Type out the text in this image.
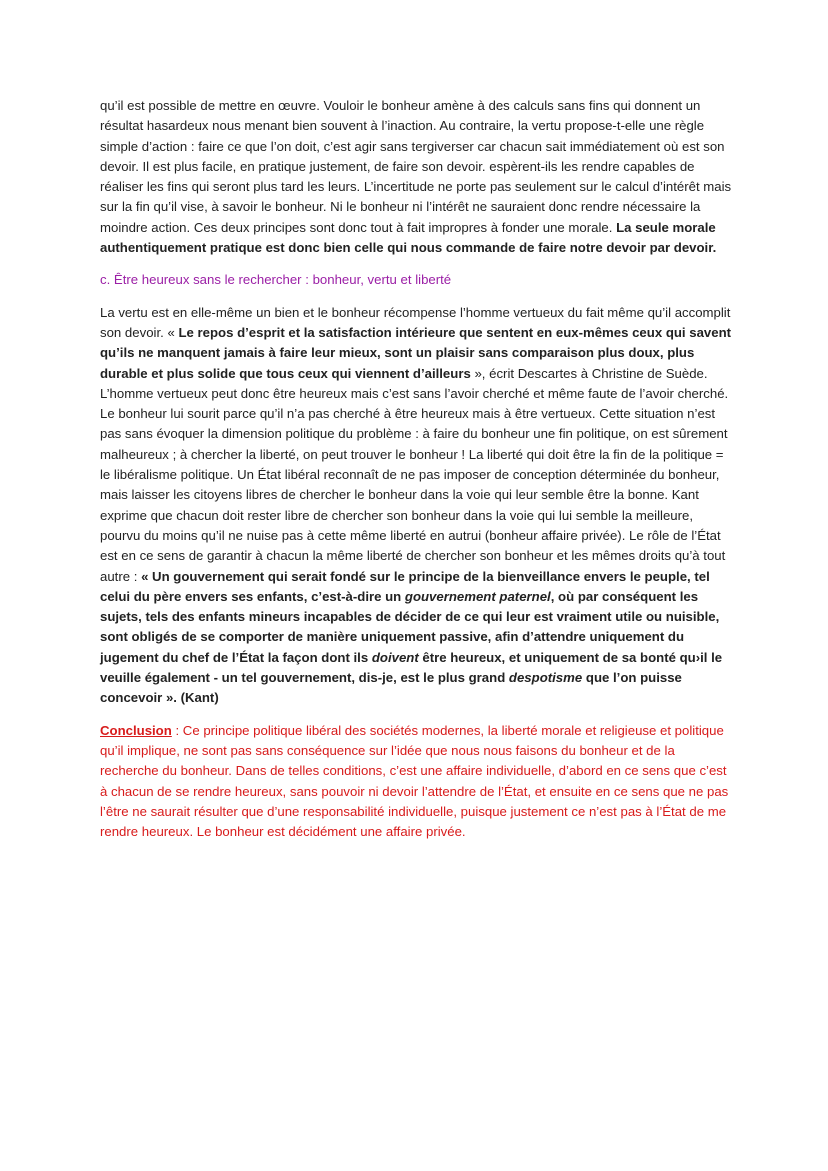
qu’il est possible de mettre en œuvre. Vouloir le bonheur amène à des calculs sans fins qui donnent un résultat hasardeux nous menant bien souvent à l’inaction. Au contraire, la vertu propose-t-elle une règle simple d’action : faire ce que l’on doit, c’est agir sans tergiverser car chacun sait immédiatement où est son devoir. Il est plus facile, en pratique justement, de faire son devoir. espèrent-ils les rendre capables de réaliser les fins qui seront plus tard les leurs. L’incertitude ne porte pas seulement sur le calcul d’intérêt mais sur la fin qu’il vise, à savoir le bonheur. Ni le bonheur ni l’intérêt ne sauraient donc rendre nécessaire la moindre action. Ces deux principes sont donc tout à fait impropres à fonder une morale. La seule morale authentiquement pratique est donc bien celle qui nous commande de faire notre devoir par devoir.

c. Être heureux sans le rechercher : bonheur, vertu et liberté

La vertu est en elle-même un bien et le bonheur récompense l’homme vertueux du fait même qu’il accomplit son devoir. « Le repos d’esprit et la satisfaction intérieure que sentent en eux-mêmes ceux qui savent qu’ils ne manquent jamais à faire leur mieux, sont un plaisir sans comparaison plus doux, plus durable et plus solide que tous ceux qui viennent d’ailleurs », écrit Descartes à Christine de Suède. L’homme vertueux peut donc être heureux mais c’est sans l’avoir cherché et même faute de l’avoir cherché. Le bonheur lui sourit parce qu’il n’a pas cherché à être heureux mais à être vertueux. Cette situation n’est pas sans évoquer la dimension politique du problème : à faire du bonheur une fin politique, on est sûrement malheureux ; à chercher la liberté, on peut trouver le bonheur ! La liberté qui doit être la fin de la politique = le libéralisme politique. Un État libéral reconnaît de ne pas imposer de conception déterminée du bonheur, mais laisser les citoyens libres de chercher le bonheur dans la voie qui leur semble être la bonne. Kant exprime que chacun doit rester libre de chercher son bonheur dans la voie qui lui semble la meilleure, pourvu du moins qu’il ne nuise pas à cette même liberté en autrui (bonheur affaire privée). Le rôle de l’État est en ce sens de garantir à chacun la même liberté de chercher son bonheur et les mêmes droits qu’à tout autre : « Un gouvernement qui serait fondé sur le principe de la bienveillance envers le peuple, tel celui du père envers ses enfants, c’est-à-dire un gouvernement paternel, où par conséquent les sujets, tels des enfants mineurs incapables de décider de ce qui leur est vraiment utile ou nuisible, sont obligés de se comporter de manière uniquement passive, afin d’attendre uniquement du jugement du chef de l’État la façon dont ils doivent être heureux, et uniquement de sa bonté qu›il le veuille également - un tel gouvernement, dis-je, est le plus grand despotisme que l’on puisse concevoir ». (Kant)

Conclusion : Ce principe politique libéral des sociétés modernes, la liberté morale et religieuse et politique qu’il implique, ne sont pas sans conséquence sur l’idée que nous nous faisons du bonheur et de la recherche du bonheur. Dans de telles conditions, c’est une affaire individuelle, d’abord en ce sens que c’est à chacun de se rendre heureux, sans pouvoir ni devoir l’attendre de l’État, et ensuite en ce sens que ne pas l’être ne saurait résulter que d’une responsabilité individuelle, puisque justement ce n’est pas à l’État de me rendre heureux. Le bonheur est décidément une affaire privée.
